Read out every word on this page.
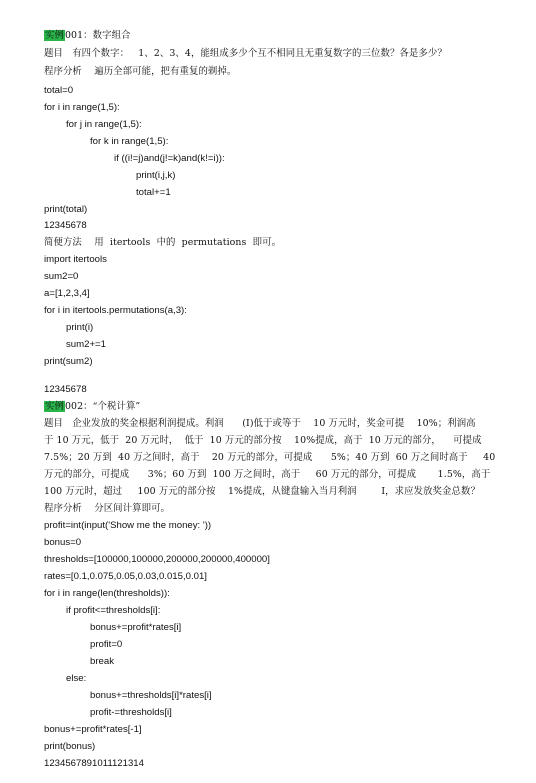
实例001：数字组合
题目   有四个数字：   1、2、3、4，能组成多少个互不相同且无重复数字的三位数？各是多少？
程序分析    遍历全部可能，把有重复的剃掉。
total=0
for i in range(1,5):
for j in range(1,5):
for k in range(1,5):
if ((i!=j)and(j!=k)and(k!=i)):
print(i,j,k)
total+=1
print(total)
12345678
简便方法    用  itertools  中的  permutations  即可。
import itertools
sum2=0
a=[1,2,3,4]
for i in itertools.permutations(a,3):
print(i)
sum2+=1
print(sum2)
12345678
实例002：“个税计算”
题目   企业发放的奖金根据利润提成。利润      (I)低于或等于    10 万元时，奖金可提    10%；利润高
于 10 万元，低于  20 万元时，  低于  10 万元的部分按    10%提成，高于  10 万元的部分，    可提成
7.5%；20 万到  40 万之间时，高于    20 万元的部分，可提成      5%；40 万到  60 万之间时高于     40
万元的部分，可提成      3%；60 万到  100 万之间时，高于     60 万元的部分，可提成       1.5%，高于
100 万元时，超过     100 万元的部分按    1%提成，从键盘输入当月利润        I，求应发放奖金总数？
程序分析    分区间计算即可。
profit=int(input('Show me the money: '))
bonus=0
thresholds=[100000,100000,200000,200000,400000]
rates=[0.1,0.075,0.05,0.03,0.015,0.01]
for i in range(len(thresholds)):
if profit<=thresholds[i]:
bonus+=profit*rates[i]
profit=0
break
else:
bonus+=thresholds[i]*rates[i]
profit-=thresholds[i]
bonus+=profit*rates[-1]
print(bonus)
1234567891011121314
